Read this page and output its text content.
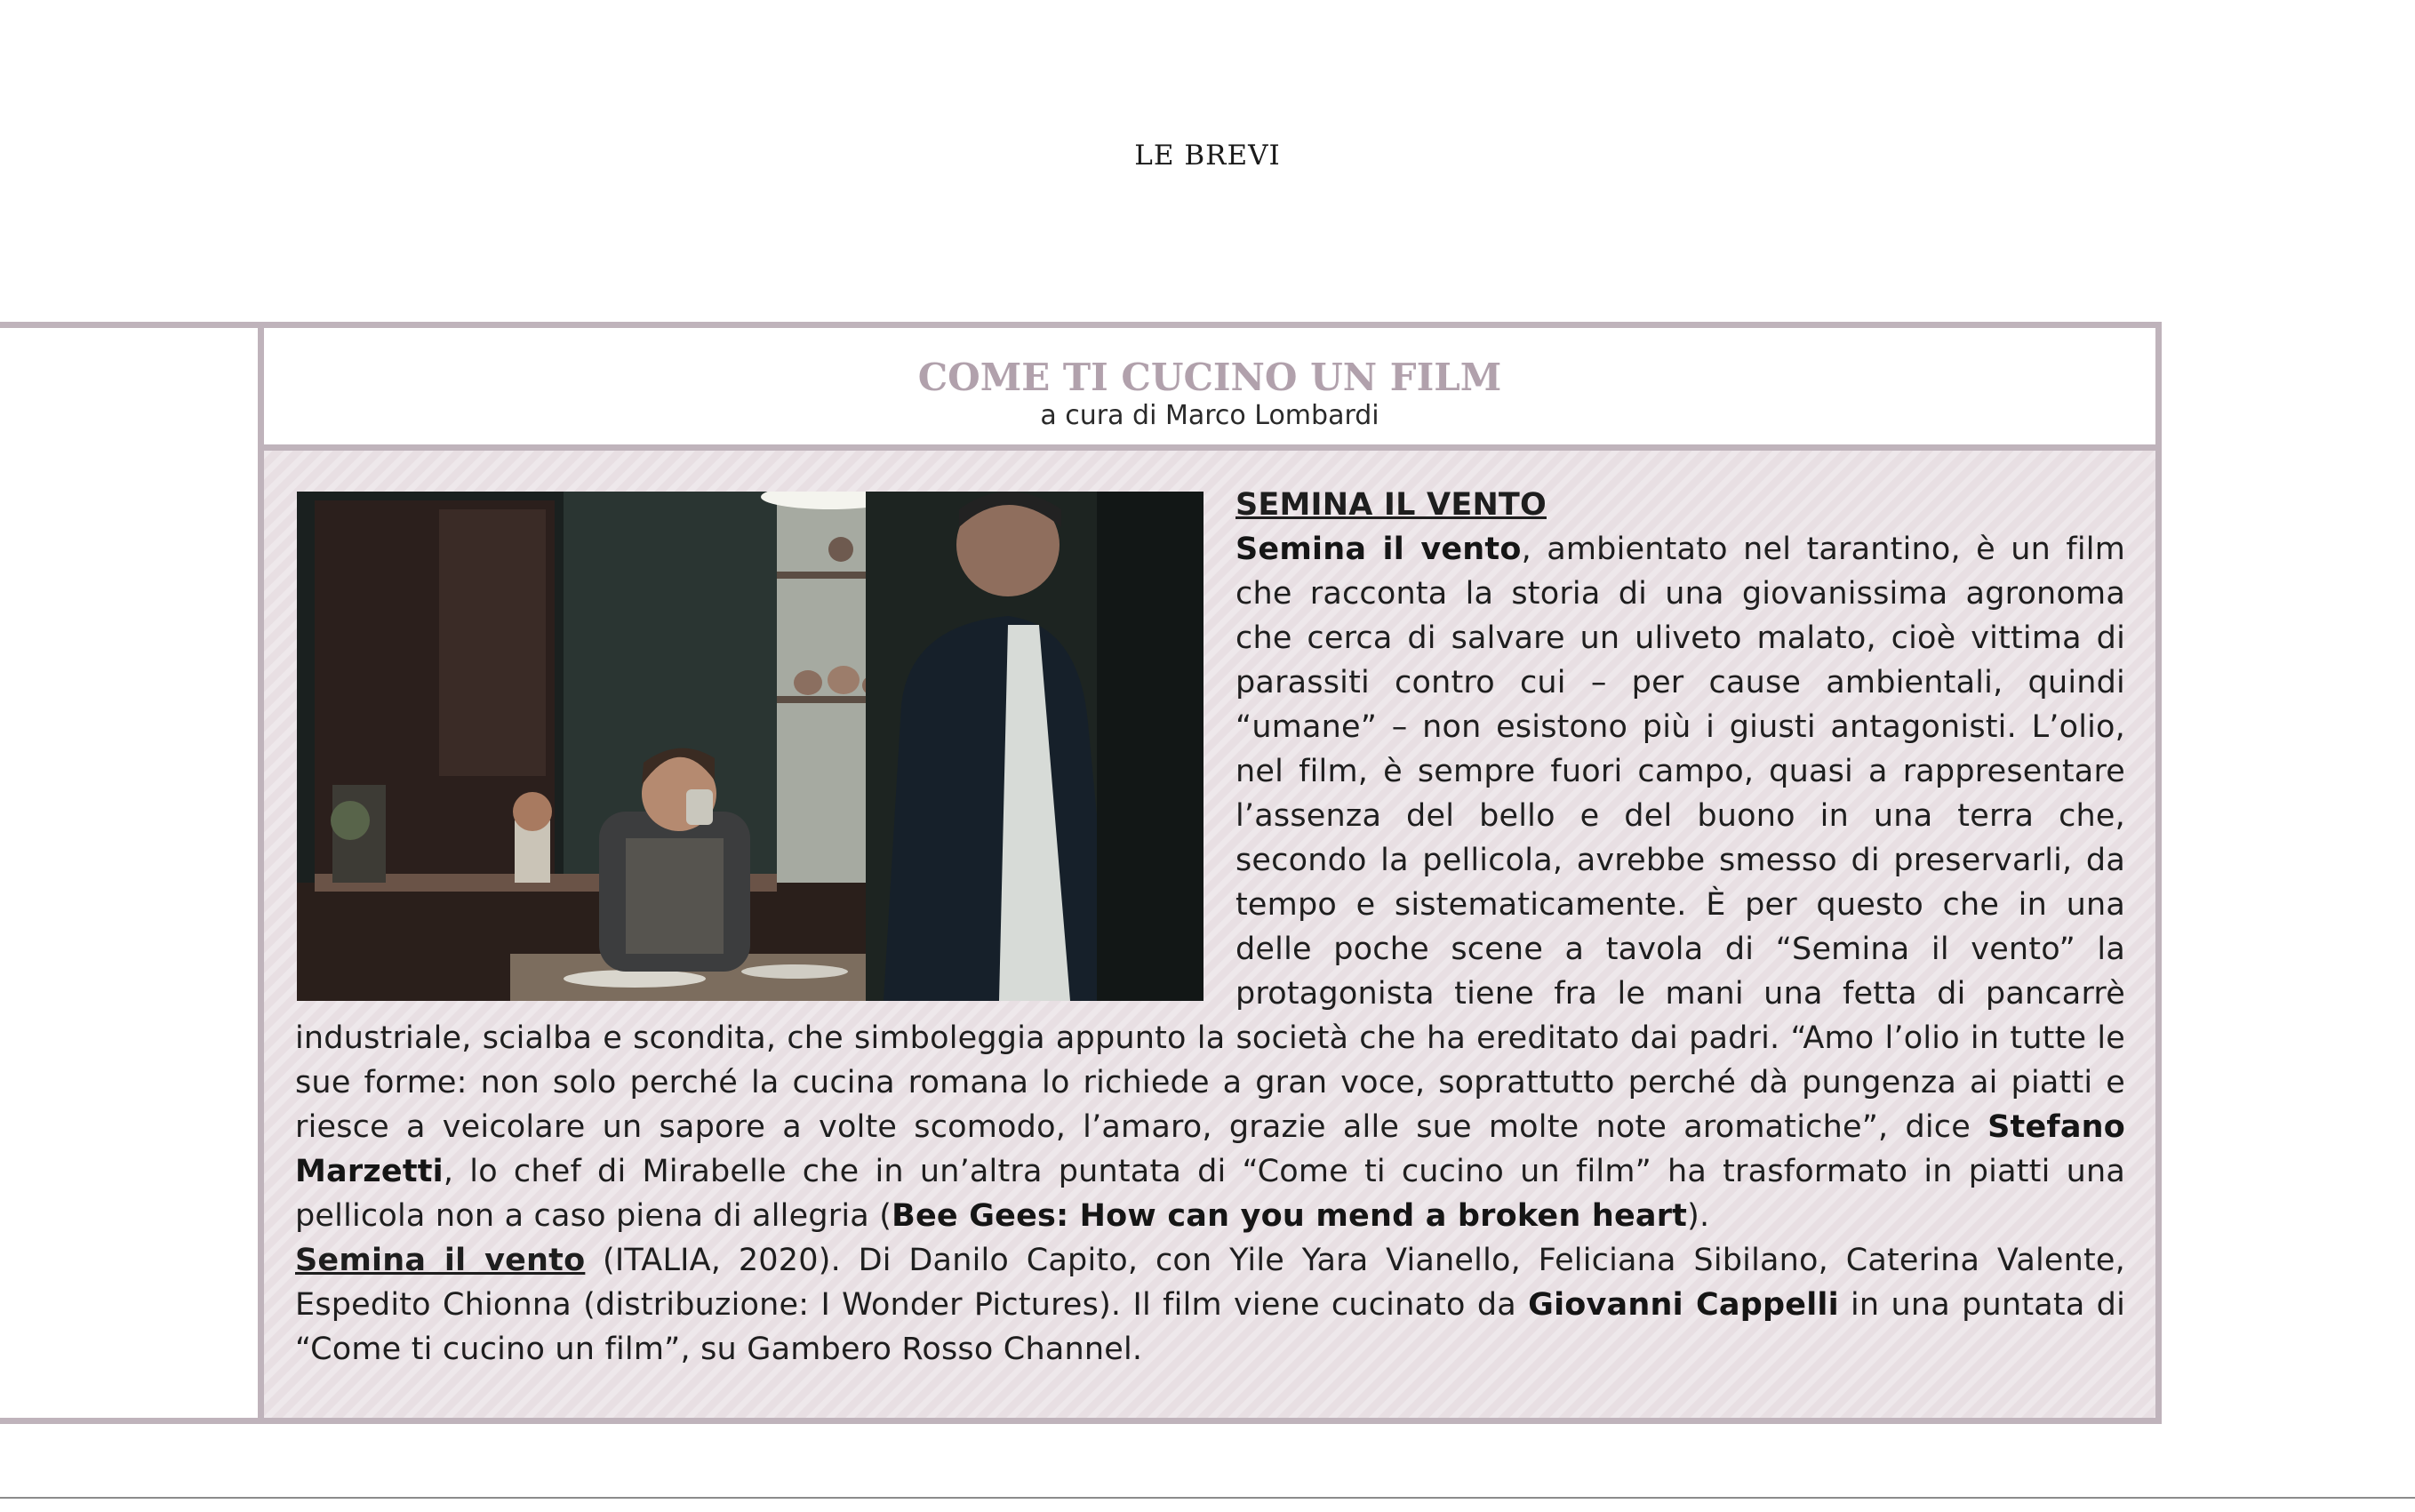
LE BREVI
COME TI CUCINO UN FILM
a cura di Marco Lombardi
SEMINA IL VENTO

Semina il vento, ambientato nel tarantino, è un film che racconta la storia di una giovanissima agronoma che cerca di salvare un uliveto malato, cioè vittima di parassiti contro cui – per cause ambientali, quindi “umane” – non esistono più i giusti antagonisti. L’olio, nel film, è sempre fuori campo, quasi a rappresentare l’assenza del bello e del buono in una terra che, secondo la pellicola, avrebbe smesso di preservarli, da tempo e sistematicamente. È per questo che in una delle poche scene a tavola di “Semina il vento” la protagonista tiene fra le mani una fetta di pancarrè industriale, scialba e scondita, che simboleggia appunto la società che ha ereditato dai padri. “Amo l’olio in tutte le sue forme: non solo perché la cucina romana lo richiede a gran voce, soprattutto perché dà pungenza ai piatti e riesce a veicolare un sapore a volte scomodo, l’amaro, grazie alle sue molte note aromatiche”, dice Stefano Marzetti, lo chef di Mirabelle che in un’altra puntata di “Come ti cucino un film” ha trasformato in piatti una pellicola non a caso piena di allegria (Bee Gees: How can you mend a broken heart).

Semina il vento (ITALIA, 2020). Di Danilo Capito, con Yile Yara Vianello, Feliciana Sibilano, Caterina Valente, Espedito Chionna (distribuzione: I Wonder Pictures). Il film viene cucinato da Giovanni Cappelli in una puntata di “Come ti cucino un film”, su Gambero Rosso Channel.
